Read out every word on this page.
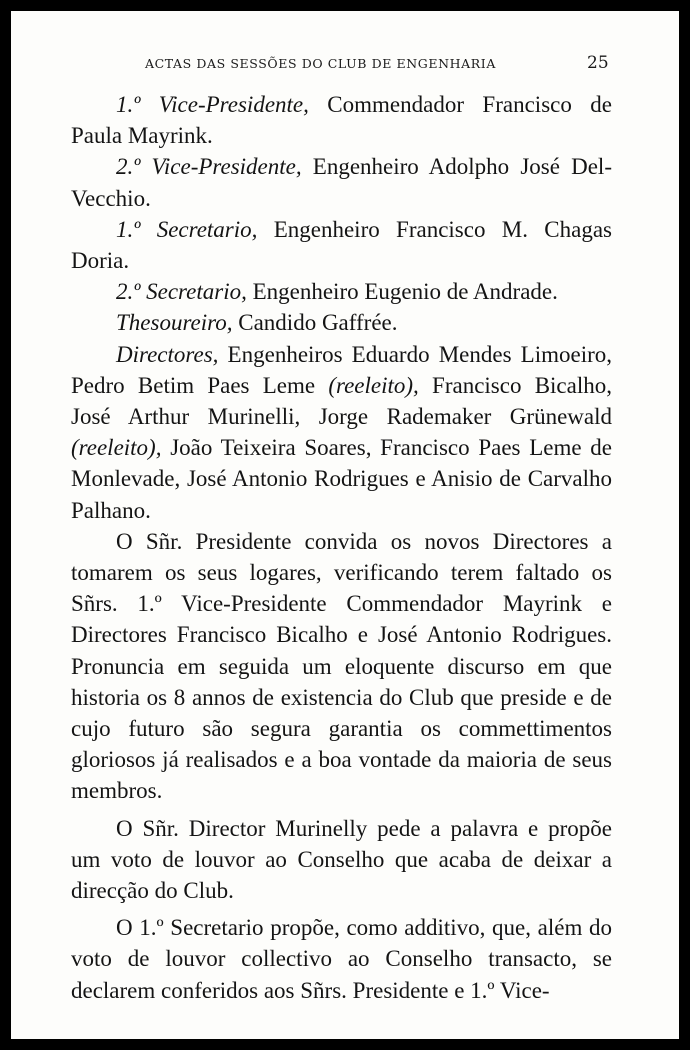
ACTAS DAS SESSÕES DO CLUB DE ENGENHARIA	25

1.º Vice-Presidente, Commendador Francisco de Paula Mayrink.

2.º Vice-Presidente, Engenheiro Adolpho José Del-Vecchio.

1.º Secretario, Engenheiro Francisco M. Chagas Doria.

2.º Secretario, Engenheiro Eugenio de Andrade.

Thesoureiro, Candido Gaffrée.

Directores, Engenheiros Eduardo Mendes Limoeiro, Pedro Betim Paes Leme (reeleito), Francisco Bicalho, José Arthur Murinelli, Jorge Rademaker Grünewald (reeleito), João Teixeira Soares, Francisco Paes Leme de Monlevade, José Antonio Rodrigues e Anisio de Carvalho Palhano.

O Sñr. Presidente convida os novos Directores a tomarem os seus logares, verificando terem faltado os Sñrs. 1.º Vice-Presidente Commendador Mayrink e Directores Francisco Bicalho e José Antonio Rodrigues. Pronuncia em seguida um eloquente discurso em que historia os 8 annos de existencia do Club que preside e de cujo futuro são segura garantia os commettimentos gloriosos já realisados e a boa vontade da maioria de seus membros.

O Sñr. Director Murinelly pede a palavra e propõe um voto de louvor ao Conselho que acaba de deixar a direcção do Club.

O 1.º Secretario propõe, como additivo, que, além do voto de louvor collectivo ao Conselho transacto, se declarem conferidos aos Sñrs. Presidente e 1.º Vice-
